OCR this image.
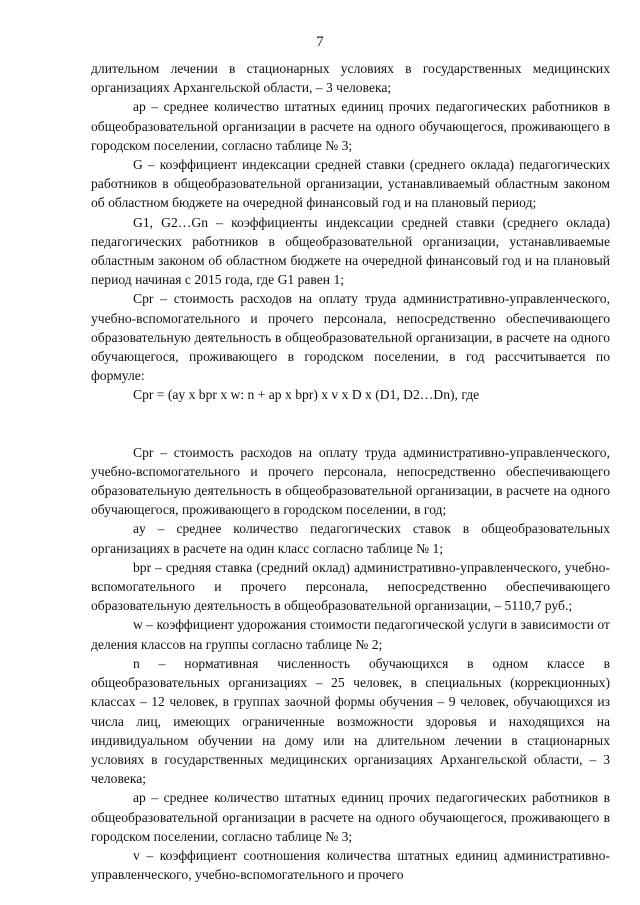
7

длительном лечении в стационарных условиях в государственных медицинских организациях Архангельской области, – 3 человека;

ар – среднее количество штатных единиц прочих педагогических работников в общеобразовательной организации в расчете на одного обучающегося, проживающего в городском поселении, согласно таблице № 3;

G – коэффициент индексации средней ставки (среднего оклада) педагогических работников в общеобразовательной организации, устанавливаемый областным законом об областном бюджете на очередной финансовый год и на плановый период;

G1, G2…Gn – коэффициенты индексации средней ставки (среднего оклада) педагогических работников в общеобразовательной организации, устанавливаемые областным законом об областном бюджете на очередной финансовый год и на плановый период начиная с 2015 года, где G1 равен 1;

Cpr – стоимость расходов на оплату труда административно-управленческого, учебно-вспомогательного и прочего персонала, непосредственно обеспечивающего образовательную деятельность в общеобразовательной организации, в расчете на одного обучающегося, проживающего в городском поселении, в год рассчитывается по формуле:

Cpr = (ay x bpr x w: n + ap x bpr) x v x D x (D1, D2…Dn), где

Cpr – стоимость расходов на оплату труда административно-управленческого, учебно-вспомогательного и прочего персонала, непосредственно обеспечивающего образовательную деятельность в общеобразовательной организации, в расчете на одного обучающегося, проживающего в городском поселении, в год;

ay – среднее количество педагогических ставок в общеобразовательных организациях в расчете на один класс согласно таблице № 1;

bpr – средняя ставка (средний оклад) административно-управленческого, учебно-вспомогательного и прочего персонала, непосредственно обеспечивающего образовательную деятельность в общеобразовательной организации, – 5110,7 руб.;

w – коэффициент удорожания стоимости педагогической услуги в зависимости от деления классов на группы согласно таблице № 2;

n – нормативная численность обучающихся в одном классе в общеобразовательных организациях – 25 человек, в специальных (коррекционных) классах – 12 человек, в группах заочной формы обучения – 9 человек, обучающихся из числа лиц, имеющих ограниченные возможности здоровья и находящихся на индивидуальном обучении на дому или на длительном лечении в стационарных условиях в государственных медицинских организациях Архангельской области, – 3 человека;

ар – среднее количество штатных единиц прочих педагогических работников в общеобразовательной организации в расчете на одного обучающегося, проживающего в городском поселении, согласно таблице № 3;

v – коэффициент соотношения количества штатных единиц административно-управленческого, учебно-вспомогательного и прочего
